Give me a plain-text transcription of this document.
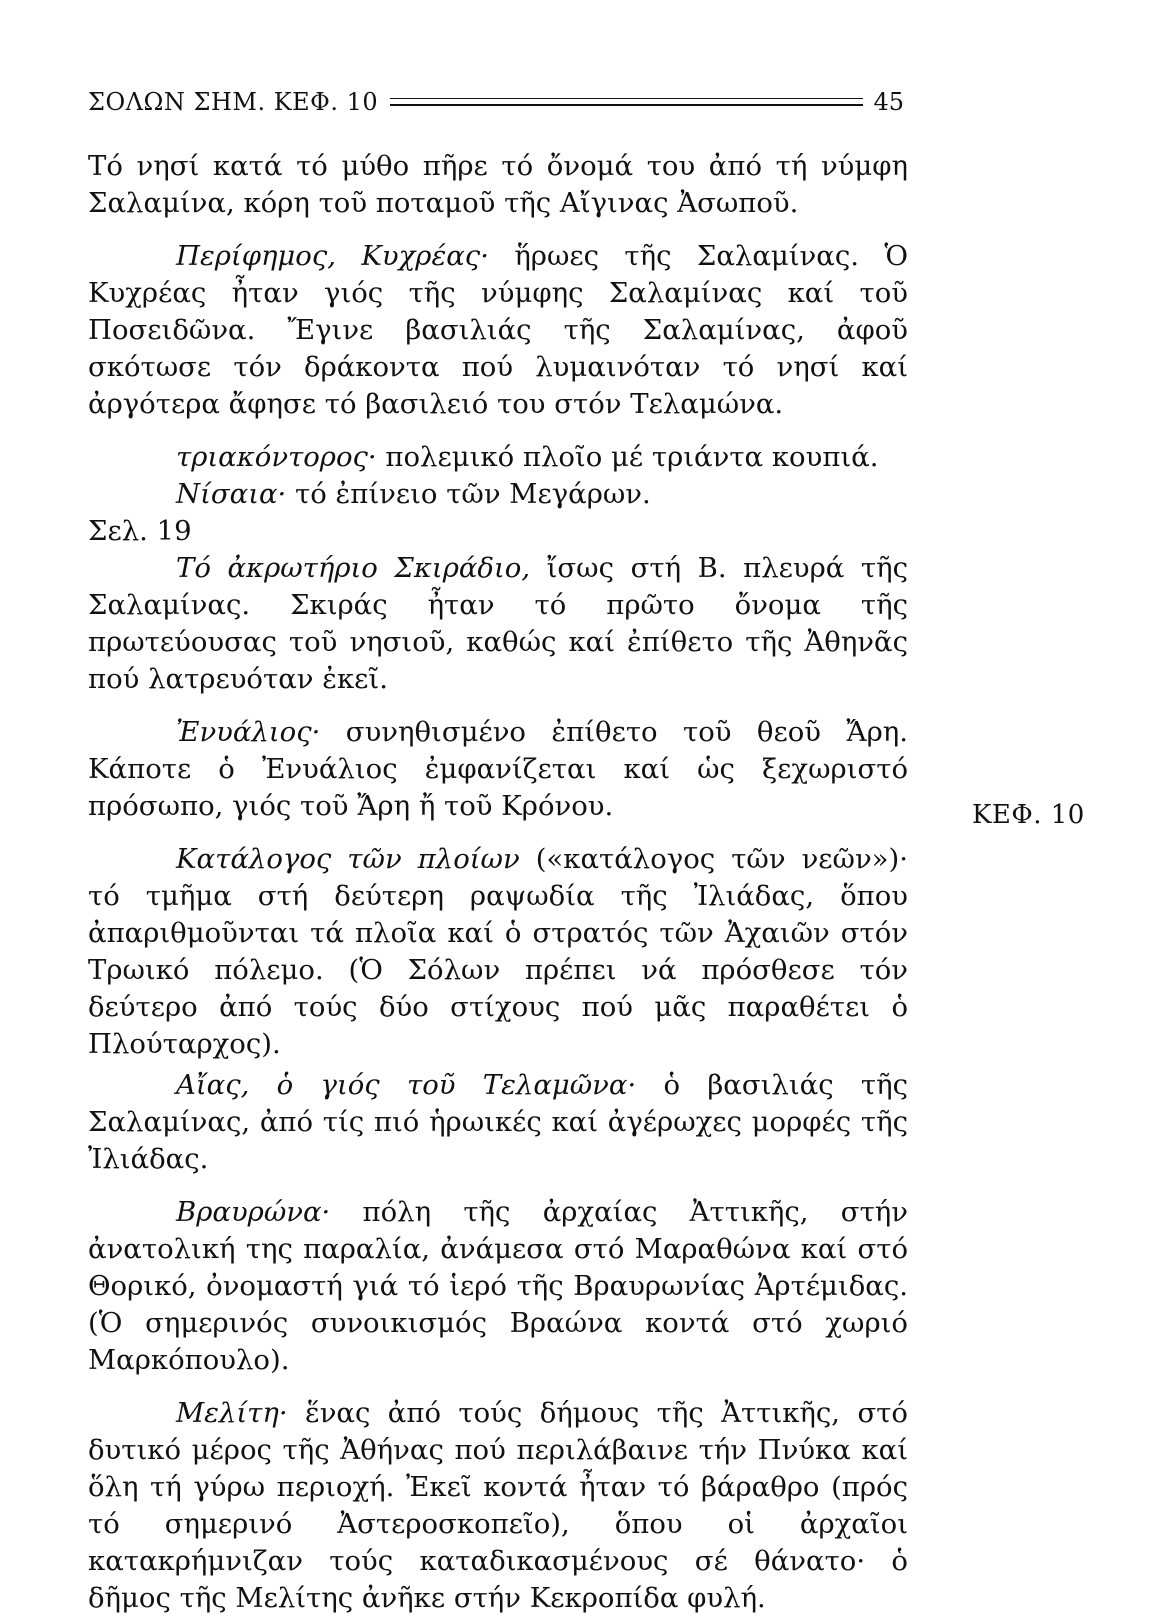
ΣΟΛΩΝ ΣΗΜ. ΚΕΦ. 10	45

Τό νησί κατά τό μύθο πῆρε τό ὄνομά του ἀπό τή νύμφη Σαλαμίνα, κόρη τοῦ ποταμοῦ τῆς Αἴγινας Ἀσωποῦ.

Περίφημος, Κυχρέας· ἥρωες τῆς Σαλαμίνας. Ὁ Κυχρέας ἦταν γιός τῆς νύμφης Σαλαμίνας καί τοῦ Ποσειδῶνα. Ἔγινε βασιλιάς τῆς Σαλαμίνας, ἀφοῦ σκότωσε τόν δράκοντα πού λυμαινόταν τό νησί καί ἀργότερα ἄφησε τό βασιλειό του στόν Τελαμώνα.

τριακόντορος· πολεμικό πλοῖο μέ τριάντα κουπιά.

Νίσαια· τό ἐπίνειο τῶν Μεγάρων.

Σελ. 19

Τό ἀκρωτήριο Σκιράδιο, ἴσως στή Β. πλευρά τῆς Σαλαμίνας. Σκιράς ἦταν τό πρῶτο ὄνομα τῆς πρωτεύουσας τοῦ νησιοῦ, καθώς καί ἐπίθετο τῆς Ἀθηνᾶς πού λατρευόταν ἐκεῖ.

Ἐνυάλιος· συνηθισμένο ἐπίθετο τοῦ θεοῦ Ἄρη. Κάποτε ὁ Ἐνυάλιος ἐμφανίζεται καί ὡς ξεχωριστό πρόσωπο, γιός τοῦ Ἄρη ἤ τοῦ Κρόνου.

Κατάλογος τῶν πλοίων («κατάλογος τῶν νεῶν»)· τό τμῆμα στή δεύτερη ραψωδία τῆς Ἰλιάδας, ὅπου ἀπαριθμοῦνται τά πλοῖα καί ὁ στρατός τῶν Ἀχαιῶν στόν Τρωικό πόλεμο. (Ὁ Σόλων πρέπει νά πρόσθεσε τόν δεύτερο ἀπό τούς δύο στίχους πού μᾶς παραθέτει ὁ Πλούταρχος).

Αἴας, ὁ γιός τοῦ Τελαμῶνα· ὁ βασιλιάς τῆς Σαλαμίνας, ἀπό τίς πιό ἡρωικές καί ἀγέρωχες μορφές τῆς Ἰλιάδας.

Βραυρώνα· πόλη τῆς ἀρχαίας Ἀττικῆς, στήν ἀνατολική της παραλία, ἀνάμεσα στό Μαραθώνα καί στό Θορικό, ὀνομαστή γιά τό ἱερό τῆς Βραυρωνίας Ἀρτέμιδας. (Ὁ σημερινός συνοικισμός Βραώνα κοντά στό χωριό Μαρκόπουλο).

Μελίτη· ἕνας ἀπό τούς δήμους τῆς Ἀττικῆς, στό δυτικό μέρος τῆς Ἀθήνας πού περιλάβαινε τήν Πνύκα καί ὅλη τή γύρω περιοχή. Ἐκεῖ κοντά ἦταν τό βάραθρο (πρός τό σημερινό Ἀστεροσκοπεῖο), ὅπου οἱ ἀρχαῖοι κατακρήμνιζαν τούς καταδικασμένους σέ θάνατο· ὁ δῆμος τῆς Μελίτης ἀνῆκε στήν Κεκροπίδα φυλή.

ΚΕΦ. 10
